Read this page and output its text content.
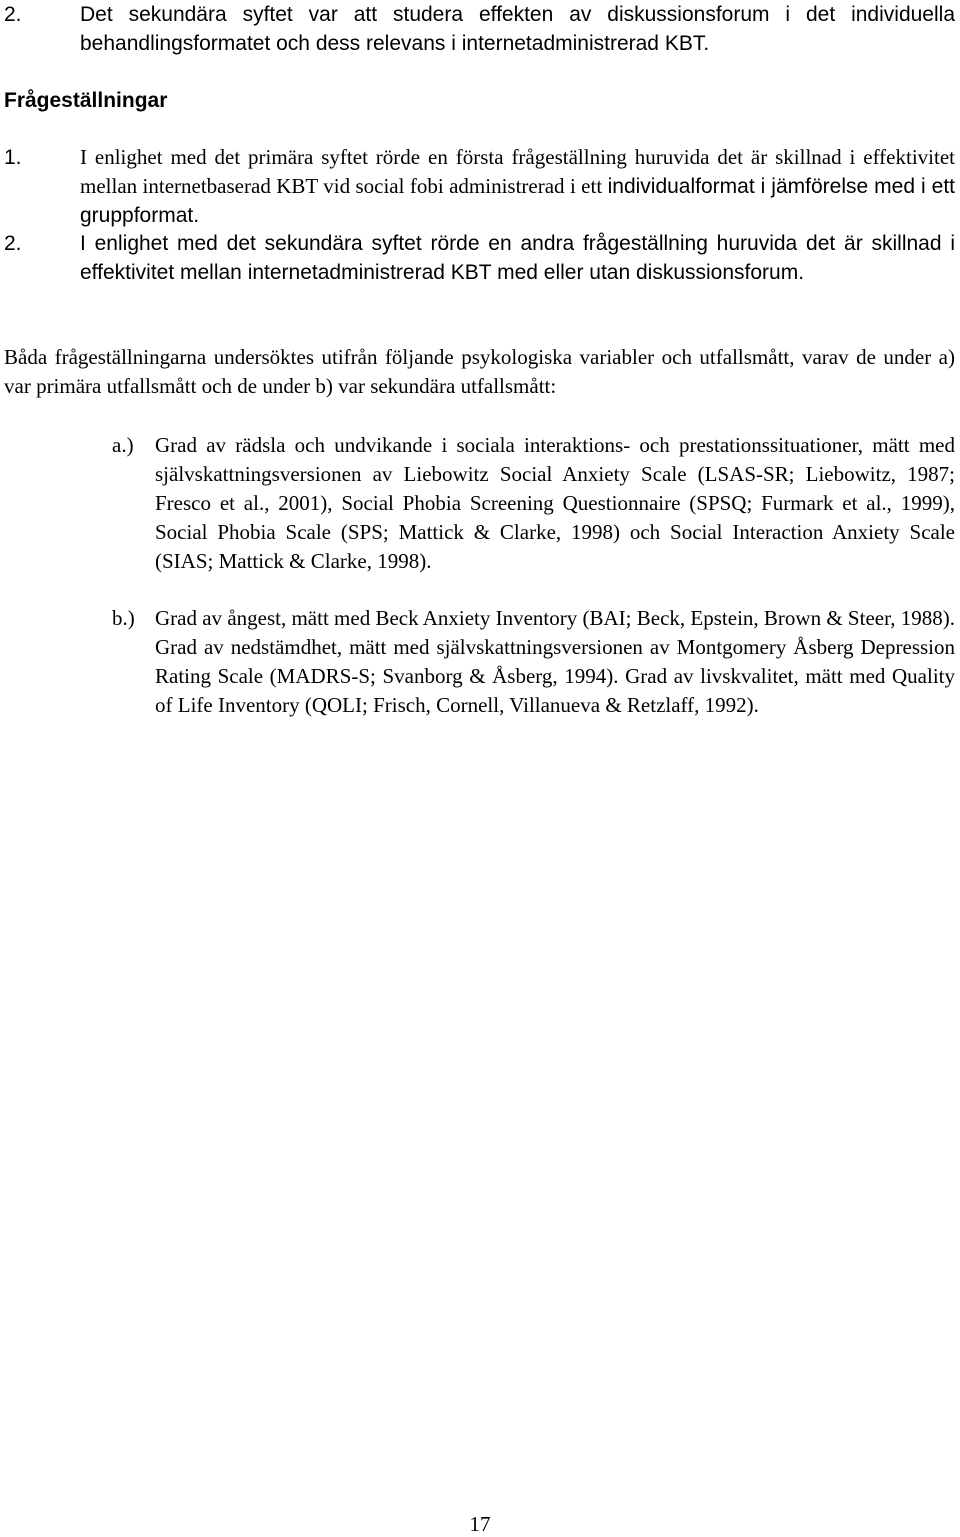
2.	Det sekundära syftet var att studera effekten av diskussionsforum i det individuella behandlingsformatet och dess relevans i internetadministrerad KBT.
Frågeställningar
1.	I enlighet med det primära syftet rörde en första frågeställning huruvida det är skillnad i effektivitet mellan internetbaserad KBT vid social fobi administrerad i ett individualformat i jämförelse med i ett gruppformat.
2.	I enlighet med det sekundära syftet rörde en andra frågeställning huruvida det är skillnad i effektivitet mellan internetadministrerad KBT med eller utan diskussionsforum.
Båda frågeställningarna undersöktes utifrån följande psykologiska variabler och utfallsmått, varav de under a) var primära utfallsmått och de under b) var sekundära utfallsmått:
a.) Grad av rädsla och undvikande i sociala interaktions- och prestationssituationer, mätt med självskattningsversionen av Liebowitz Social Anxiety Scale (LSAS-SR; Liebowitz, 1987; Fresco et al., 2001), Social Phobia Screening Questionnaire (SPSQ; Furmark et al., 1999), Social Phobia Scale (SPS; Mattick & Clarke, 1998) och Social Interaction Anxiety Scale (SIAS; Mattick & Clarke, 1998).
b.) Grad av ångest, mätt med Beck Anxiety Inventory (BAI; Beck, Epstein, Brown & Steer, 1988). Grad av nedstämdhet, mätt med självskattningsversionen av Montgomery Åsberg Depression Rating Scale (MADRS-S; Svanborg & Åsberg, 1994). Grad av livskvalitet, mätt med Quality of Life Inventory (QOLI; Frisch, Cornell, Villanueva & Retzlaff, 1992).
17
